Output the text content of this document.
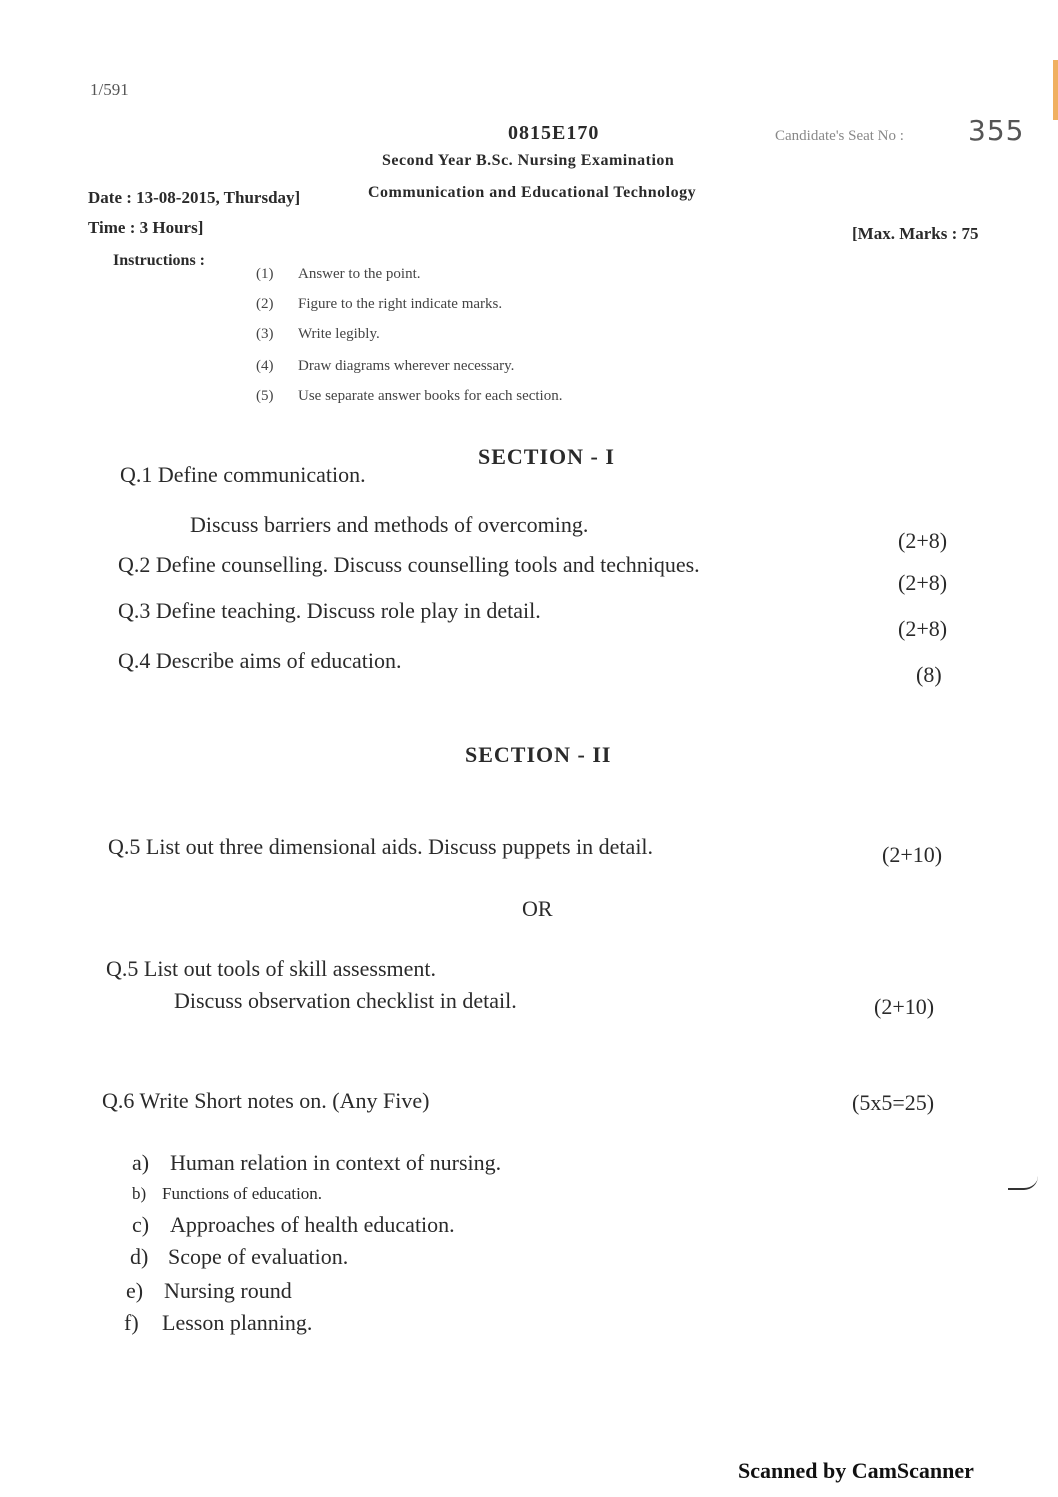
1/591
0815E170	Candidate's Seat No : 355
Second Year B.Sc. Nursing Examination
Communication and Educational Technology
Date : 13-08-2015, Thursday]
Time : 3 Hours]	[Max. Marks : 75
Instructions :
(1) Answer to the point.
(2) Figure to the right indicate marks.
(3) Write legibly.
(4) Draw diagrams wherever necessary.
(5) Use separate answer books for each section.
SECTION - I
Q.1 Define communication.
Discuss barriers and methods of overcoming.
(2+8)
Q.2 Define counselling. Discuss counselling tools and techniques.
(2+8)
Q.3 Define teaching. Discuss role play in detail.
(2+8)
Q.4 Describe aims of education.
(8)
SECTION - II
Q.5 List out three dimensional aids. Discuss puppets in detail.	(2+10)
OR
Q.5 List out tools of skill assessment.
Discuss observation checklist in detail.	(2+10)
Q.6 Write Short notes on. (Any Five)	(5x5=25)
a) Human relation in context of nursing.
b) Functions of education.
c) Approaches of health education.
d) Scope of evaluation.
e) Nursing round
f) Lesson planning.
Scanned by CamScanner
